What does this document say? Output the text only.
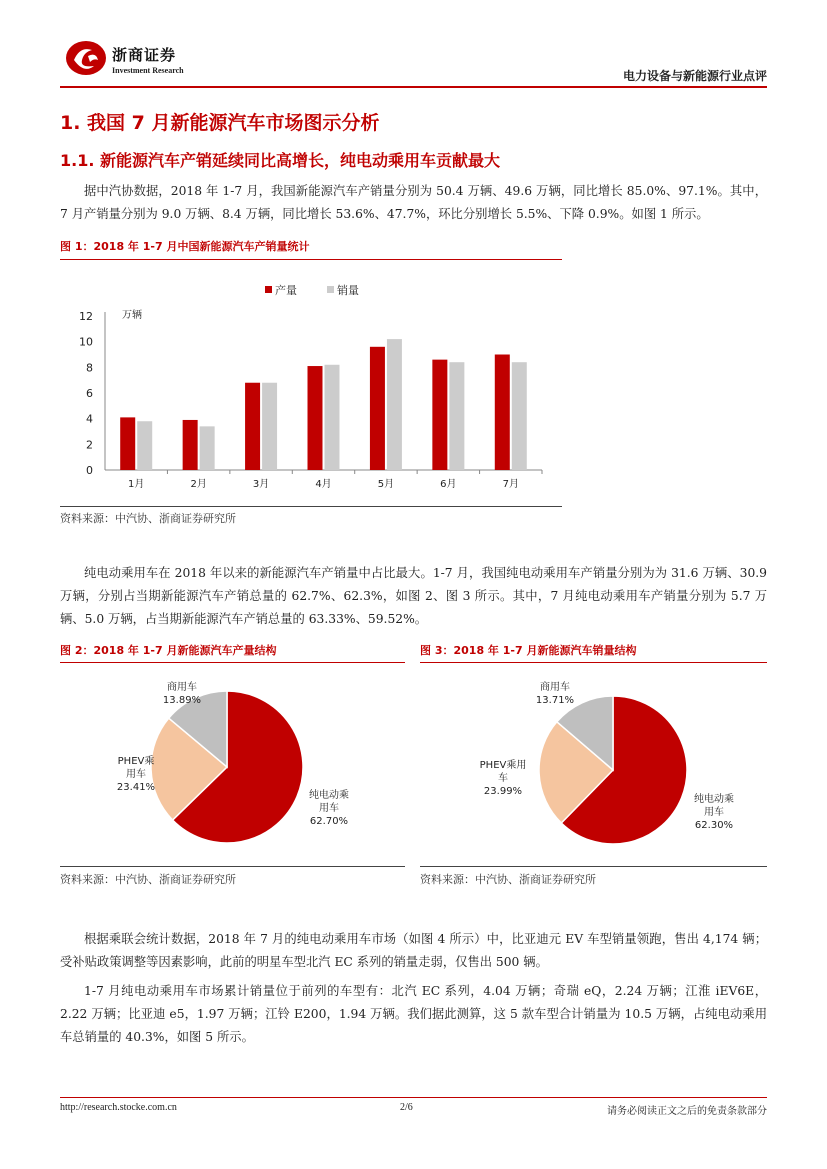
浙商证券
Investment Research	电力设备与新能源行业点评
1. 我国 7 月新能源汽车市场图示分析
1.1. 新能源汽车产销延续同比高增长，纯电动乘用车贡献最大

据中汽协数据，2018 年 1-7 月，我国新能源汽车产销量分别为 50.4 万辆、49.6 万辆，同比增长 85.0%、97.1%。其中，7 月产销量分别为 9.0 万辆、8.4 万辆，同比增长 53.6%、47.7%，环比分别增长 5.5%、下降 0.9%。如图 1 所示。

图 1：2018 年 1-7 月中国新能源汽车产销量统计
产量	销量
万辆
0
2
4
6
8
10
12
1月	2月	3月	4月	5月	6月	7月
资料来源：中汽协、浙商证券研究所

纯电动乘用车在 2018 年以来的新能源汽车产销量中占比最大。1-7 月，我国纯电动乘用车产销量分别为为 31.6 万辆、30.9 万辆，分别占当期新能源汽车产销总量的 62.7%、62.3%，如图 2、图 3 所示。其中，7 月纯电动乘用车产销量分别为 5.7 万辆、5.0 万辆，占当期新能源汽车产销总量的 63.33%、59.52%。

图 2：2018 年 1-7 月新能源汽车产量结构	图 3：2018 年 1-7 月新能源汽车销量结构
纯电动乘
用车
62.70%
PHEV乘
用车
23.41%
商用车
13.89%
纯电动乘
用车
62.30%
PHEV乘用
车
23.99%
商用车
13.71%
资料来源：中汽协、浙商证券研究所	资料来源：中汽协、浙商证券研究所

根据乘联会统计数据，2018 年 7 月的纯电动乘用车市场（如图 4 所示）中，比亚迪元 EV 车型销量领跑，售出 4,174 辆；受补贴政策调整等因素影响，此前的明星车型北汽 EC 系列的销量走弱，仅售出 500 辆。

1-7 月纯电动乘用车市场累计销量位于前列的车型有：北汽 EC 系列，4.04 万辆；奇瑞 eQ，2.24 万辆；江淮 iEV6E，2.22 万辆；比亚迪 e5，1.97 万辆；江铃 E200，1.94 万辆。我们据此测算，这 5 款车型合计销量为 10.5 万辆，占纯电动乘用车总销量的 40.3%，如图 5 所示。

http://research.stocke.com.cn	2/6	请务必阅读正文之后的免责条款部分
